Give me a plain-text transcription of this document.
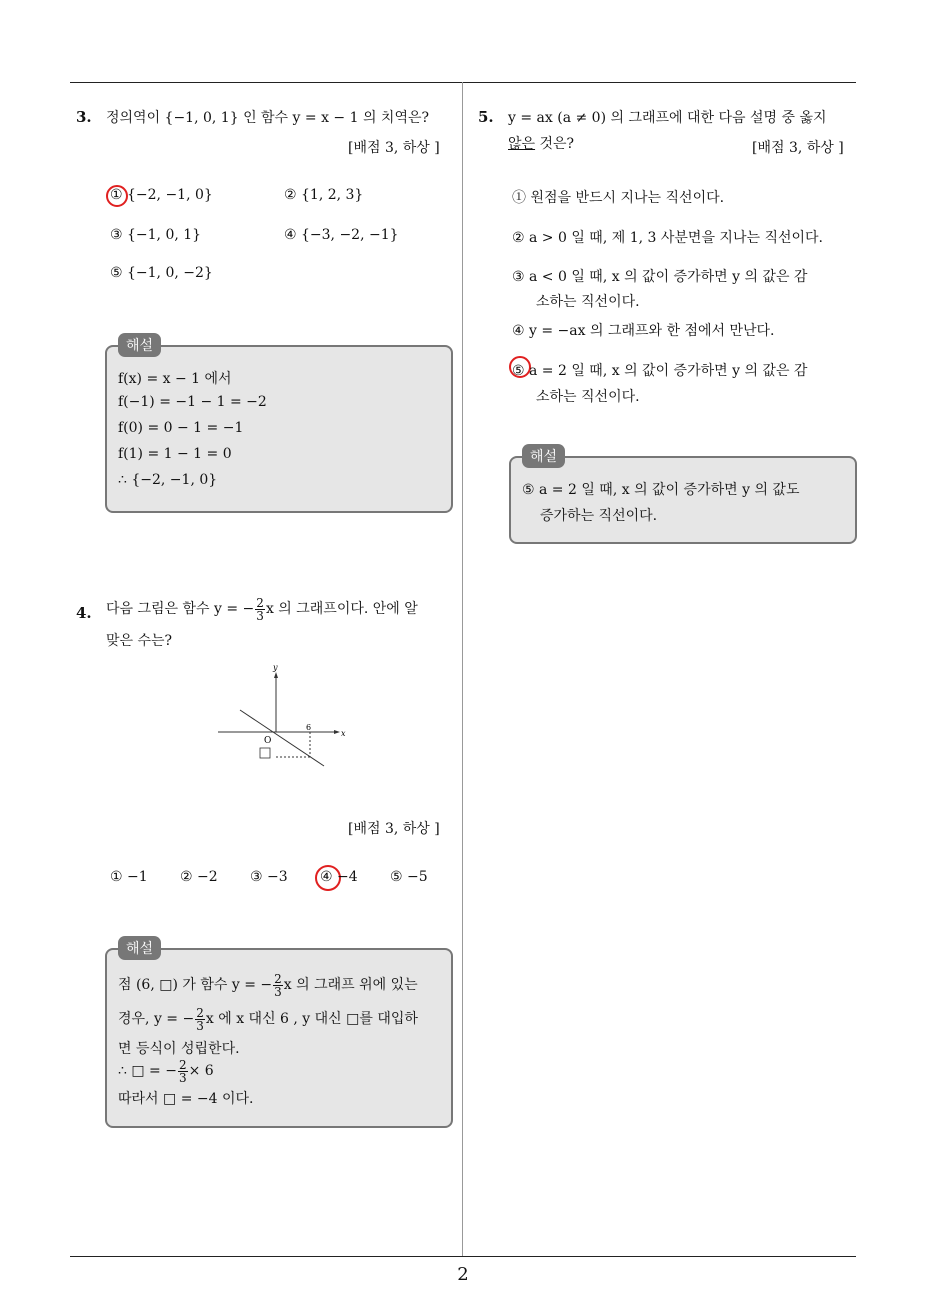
2
3. 정의역이 {−1, 0, 1} 인 함수 y = x − 1 의 치역은?
[배점 3, 하상 ]
① {−2, −1, 0}	② {1, 2, 3}
③ {−1, 0, 1}	④ {−3, −2, −1}
⑤ {−1, 0, −2}
해설
f(x) = x − 1 에서
f(−1) = −1 − 1 = −2
f(0) = 0 − 1 = −1
f(1) = 1 − 1 = 0
∴ {−2, −1, 0}
4. 다음 그림은 함수 y = − $\frac{2}{3}$ x 의 그래프이다. 안에 알
맞은 수는?
y
x
O
6
[배점 3, 하상 ]
① −1 ② −2 ③ −3 ④ −4 ⑤ −5
해설
점 (6, □) 가 함수 y = − $\frac{2}{3}$ x 의 그래프 위에 있는
경우, y = − $\frac{2}{3}$ x 에 x 대신 6 , y 대신 □를 대입하
면 등식이 성립한다.
∴ □ = − $\frac{2}{3} \times 6$
따라서 □ = −4 이다.
5. y = ax (a ≠ 0) 의 그래프에 대한 다음 설명 중 옳지
않은 것은?	[배점 3, 하상 ]
① 원점을 반드시 지나는 직선이다.
② a > 0 일 때, 제 1, 3 사분면을 지나는 직선이다.
③ a < 0 일 때, x 의 값이 증가하면 y 의 값은 감
소하는 직선이다.
④ y = −ax 의 그래프와 한 점에서 만난다.
⑤ a = 2 일 때, x 의 값이 증가하면 y 의 값은 감
소하는 직선이다.
해설
⑤ a = 2 일 때, x 의 값이 증가하면 y 의 값도
증가하는 직선이다.
